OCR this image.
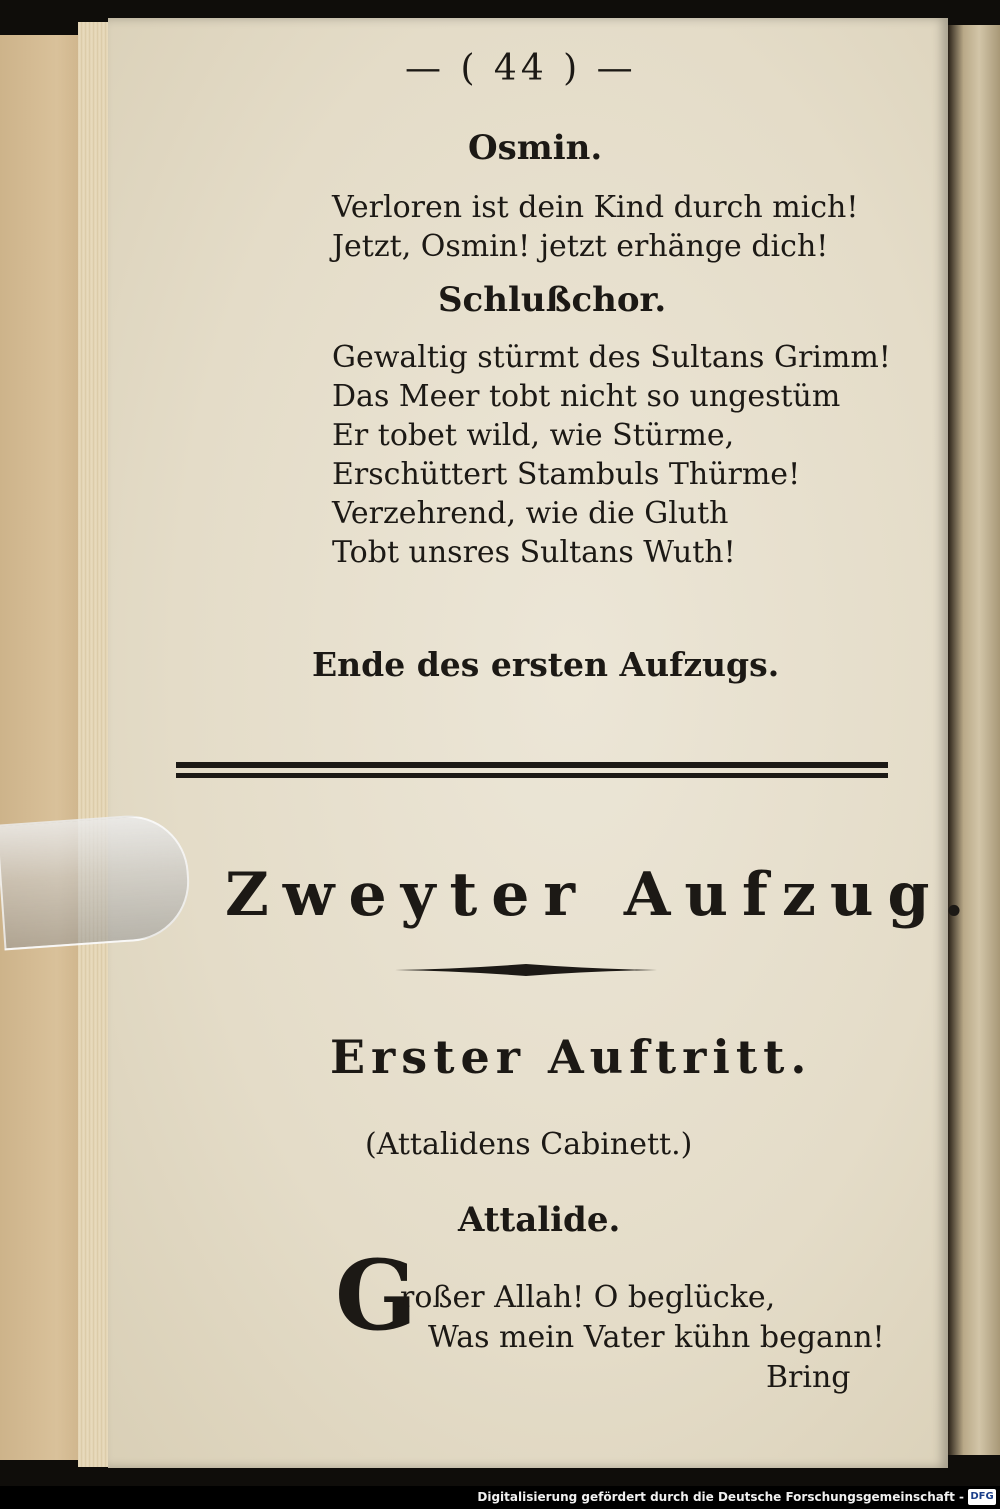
— ( 44 ) —
Osmin.
Verloren ist dein Kind durch mich!
Jetzt, Osmin! jetzt erhänge dich!
Schlußchor.
Gewaltig stürmt des Sultans Grimm!
Das Meer tobt nicht so ungestüm
Er tobet wild, wie Stürme,
Erschüttert Stambuls Thürme!
Verzehrend, wie die Gluth
Tobt unsres Sultans Wuth!
Ende des ersten Aufzugs.
Zweyter Aufzug.
Erster Auftritt.
(Attalidens Cabinett.)
Attalide.
G
roßer Allah! O beglücke,
Was mein Vater kühn begann!
Bring
Digitalisierung gefördert durch die Deutsche Forschungsgemeinschaft - DFG
